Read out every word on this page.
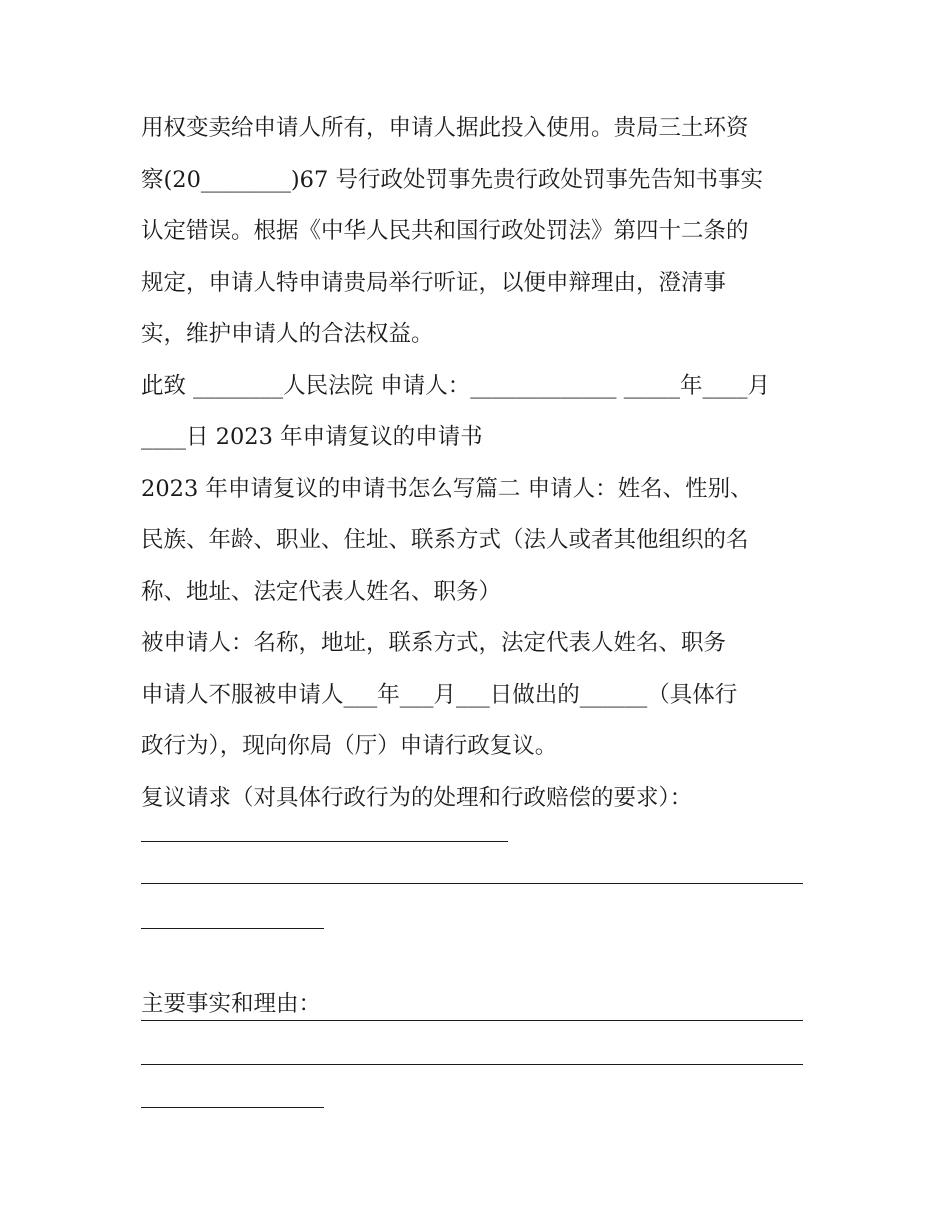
用权变卖给申请人所有，申请人据此投入使用。贵局三土环资
察(20________)67 号行政处罚事先贵行政处罚事先告知书事实
认定错误。根据《中华人民共和国行政处罚法》第四十二条的
规定，申请人特申请贵局举行听证，以便申辩理由，澄清事
实，维护申请人的合法权益。
此致 ________人民法院 申请人：_____________ _____年____月
____日 2023 年申请复议的申请书
2023 年申请复议的申请书怎么写篇二 申请人：姓名、性别、
民族、年龄、职业、住址、联系方式（法人或者其他组织的名
称、地址、法定代表人姓名、职务）
被申请人：名称，地址，联系方式，法定代表人姓名、职务
申请人不服被申请人___年___月___日做出的______（具体行
政行为），现向你局（厅）申请行政复议。
复议请求（对具体行政行为的处理和行政赔偿的要求）：
主要事实和理由：
